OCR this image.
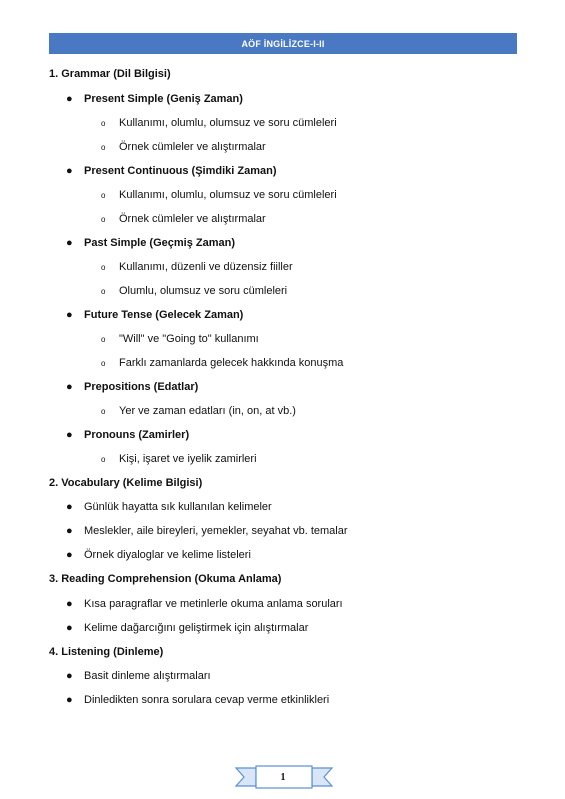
AÖF İNGİLİZCE-I-II
1. Grammar (Dil Bilgisi)
● Present Simple (Geniş Zaman)
o Kullanımı, olumlu, olumsuz ve soru cümleleri
o Örnek cümleler ve alıştırmalar
● Present Continuous (Şimdiki Zaman)
o Kullanımı, olumlu, olumsuz ve soru cümleleri
o Örnek cümleler ve alıştırmalar
● Past Simple (Geçmiş Zaman)
o Kullanımı, düzenli ve düzensiz fiiller
o Olumlu, olumsuz ve soru cümleleri
● Future Tense (Gelecek Zaman)
o "Will" ve "Going to" kullanımı
o Farklı zamanlarda gelecek hakkında konuşma
● Prepositions (Edatlar)
o Yer ve zaman edatları (in, on, at vb.)
● Pronouns (Zamirler)
o Kişi, işaret ve iyelik zamirleri
2. Vocabulary (Kelime Bilgisi)
● Günlük hayatta sık kullanılan kelimeler
● Meslekler, aile bireyleri, yemekler, seyahat vb. temalar
● Örnek diyaloglar ve kelime listeleri
3. Reading Comprehension (Okuma Anlama)
● Kısa paragraflar ve metinlerle okuma anlama soruları
● Kelime dağarcığını geliştirmek için alıştırmalar
4. Listening (Dinleme)
● Basit dinleme alıştırmaları
● Dinledikten sonra sorulara cevap verme etkinlikleri
1
